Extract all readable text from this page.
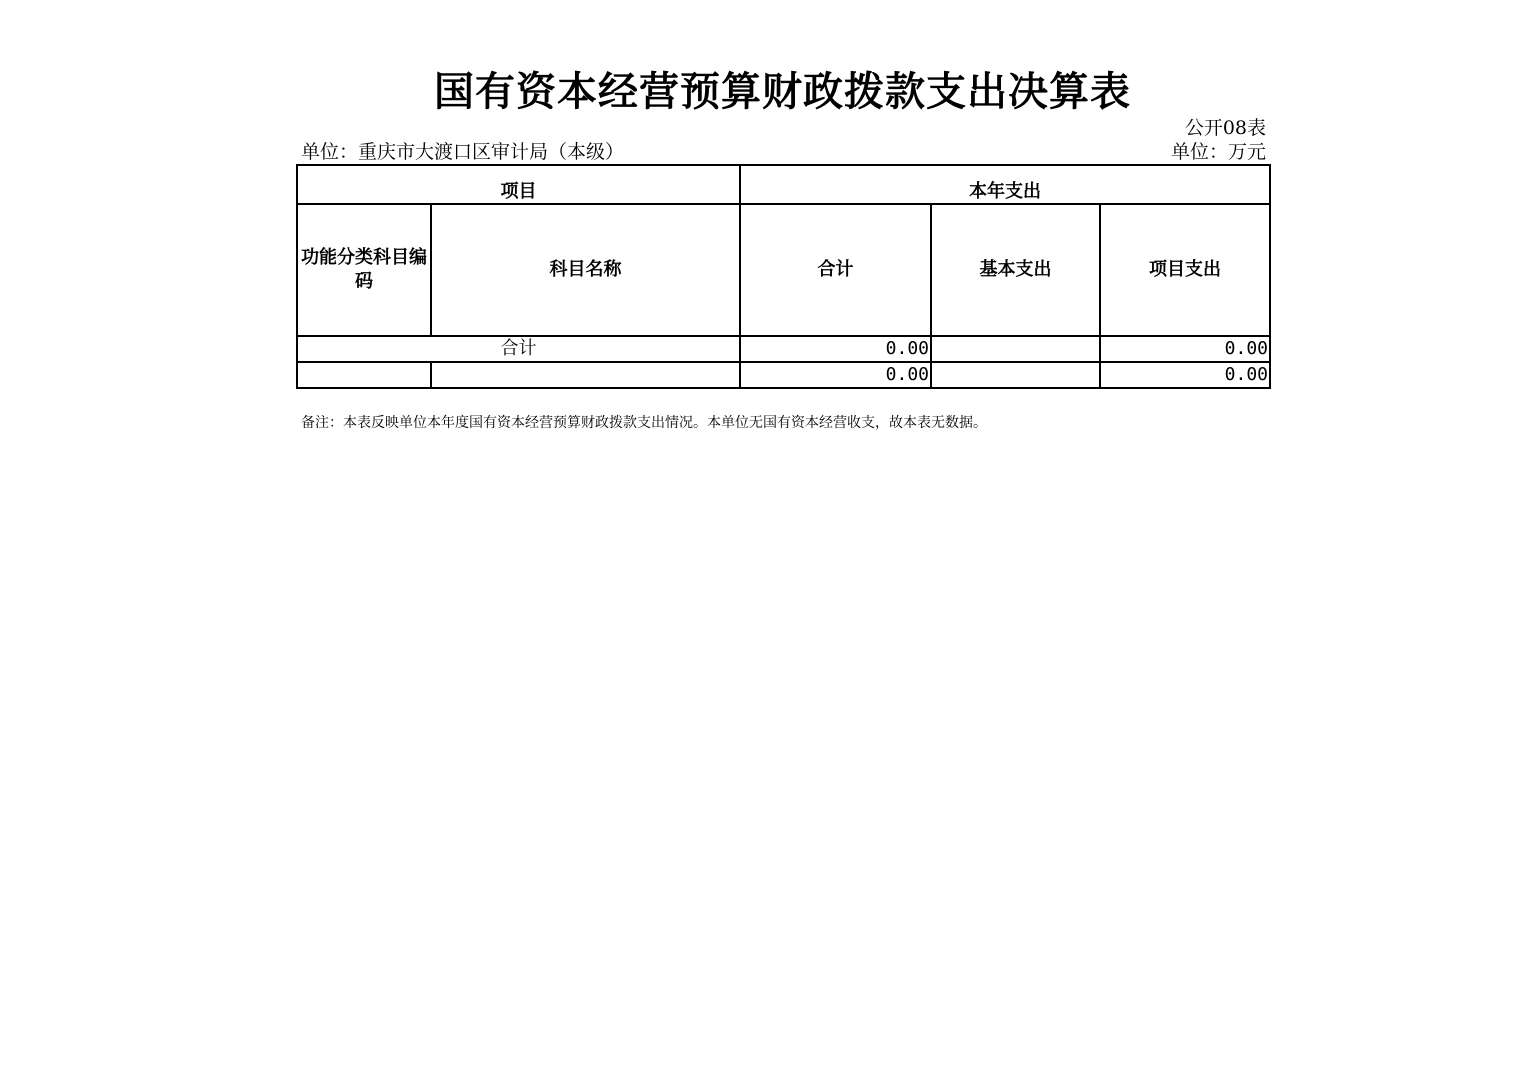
国有资本经营预算财政拨款支出决算表
公开08表
单位：重庆市大渡口区审计局（本级）	单位：万元
项目		本年支出		
功能分类科目编码	科目名称	合计	基本支出	项目支出
合计		0.00		0.00
		0.00		0.00
备注：本表反映单位本年度国有资本经营预算财政拨款支出情况。本单位无国有资本经营收支，故本表无数据。
